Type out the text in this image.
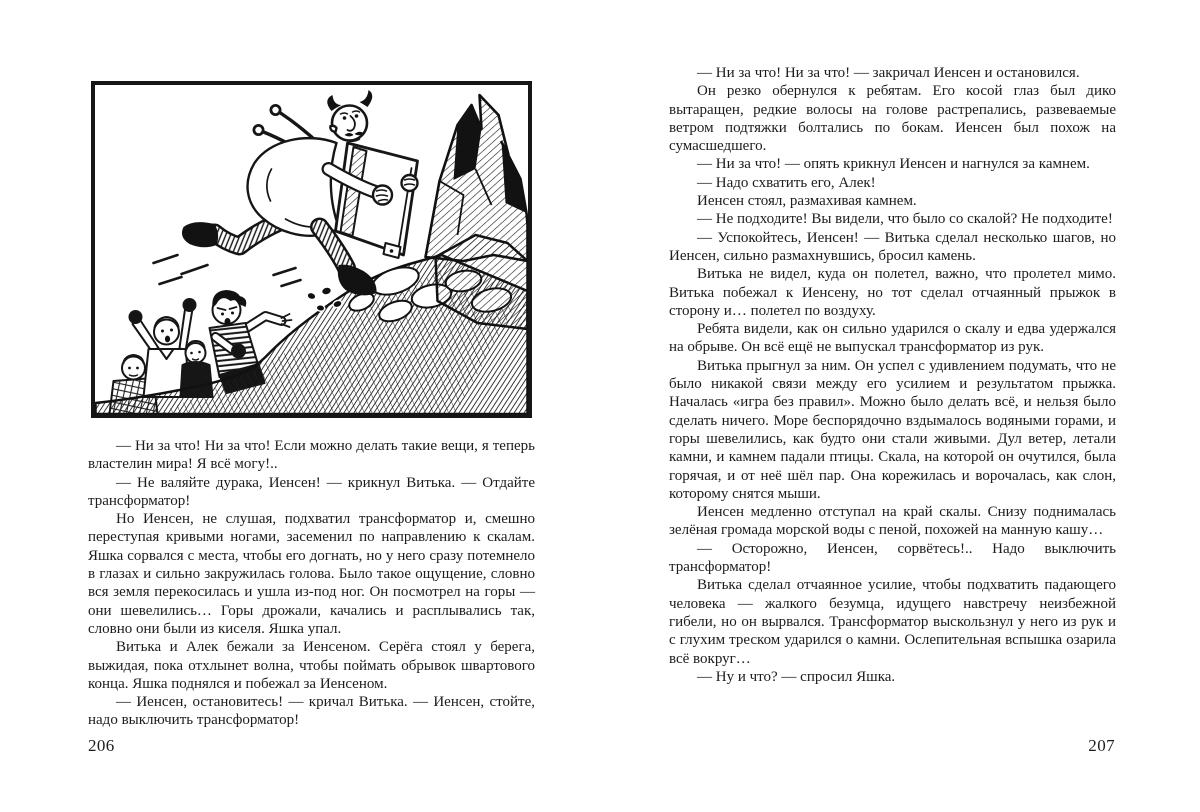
— Ни за что! Ни за что! Если можно делать такие вещи, я теперь властелин мира! Я всё могу!..

— Не валяйте дурака, Иенсен! — крикнул Витька. — Отдайте трансформатор!

Но Иенсен, не слушая, подхватил трансформатор и, смешно переступая кривыми ногами, засеменил по направлению к скалам. Яшка сорвался с места, чтобы его догнать, но у него сразу потемнело в глазах и сильно закружилась голова. Было такое ощущение, словно вся земля перекосилась и ушла из-под ног. Он посмотрел на горы — они шевелились… Горы дрожали, качались и расплывались так, словно они были из киселя. Яшка упал.

Витька и Алек бежали за Иенсеном. Серёга стоял у берега, выжидая, пока отхлынет волна, чтобы поймать обрывок швартового конца. Яшка поднялся и побежал за Иенсеном.

— Иенсен, остановитесь! — кричал Витька. — Иенсен, стойте, надо выключить трансформатор!

206

— Ни за что! Ни за что! — закричал Иенсен и остановился.

Он резко обернулся к ребятам. Его косой глаз был дико вытаращен, редкие волосы на голове растрепались, развеваемые ветром подтяжки болтались по бокам. Иенсен был похож на сумасшедшего.

— Ни за что! — опять крикнул Иенсен и нагнулся за камнем.

— Надо схватить его, Алек!

Иенсен стоял, размахивая камнем.

— Не подходите! Вы видели, что было со скалой? Не подходите!

— Успокойтесь, Иенсен! — Витька сделал несколько шагов, но Иенсен, сильно размахнувшись, бросил камень.

Витька не видел, куда он полетел, важно, что пролетел мимо. Витька побежал к Иенсену, но тот сделал отчаянный прыжок в сторону и… полетел по воздуху.

Ребята видели, как он сильно ударился о скалу и едва удержался на обрыве. Он всё ещё не выпускал трансформатор из рук.

Витька прыгнул за ним. Он успел с удивлением подумать, что не было никакой связи между его усилием и результатом прыжка. Началась «игра без правил». Можно было делать всё, и нельзя было сделать ничего. Море беспорядочно вздымалось водяными горами, и горы шевелились, как будто они стали живыми. Дул ветер, летали камни, и камнем падали птицы. Скала, на которой он очутился, была горячая, и от неё шёл пар. Она корежилась и ворочалась, как слон, которому снятся мыши.

Иенсен медленно отступал на край скалы. Снизу поднималась зелёная громада морской воды с пеной, похожей на манную кашу…

— Осторожно, Иенсен, сорвётесь!.. Надо выключить трансформатор!

Витька сделал отчаянное усилие, чтобы подхватить падающего человека — жалкого безумца, идущего навстречу неизбежной гибели, но он вырвался. Трансформатор выскользнул у него из рук и с глухим треском ударился о камни. Ослепительная вспышка озарила всё вокруг…

— Ну и что? — спросил Яшка.

207
